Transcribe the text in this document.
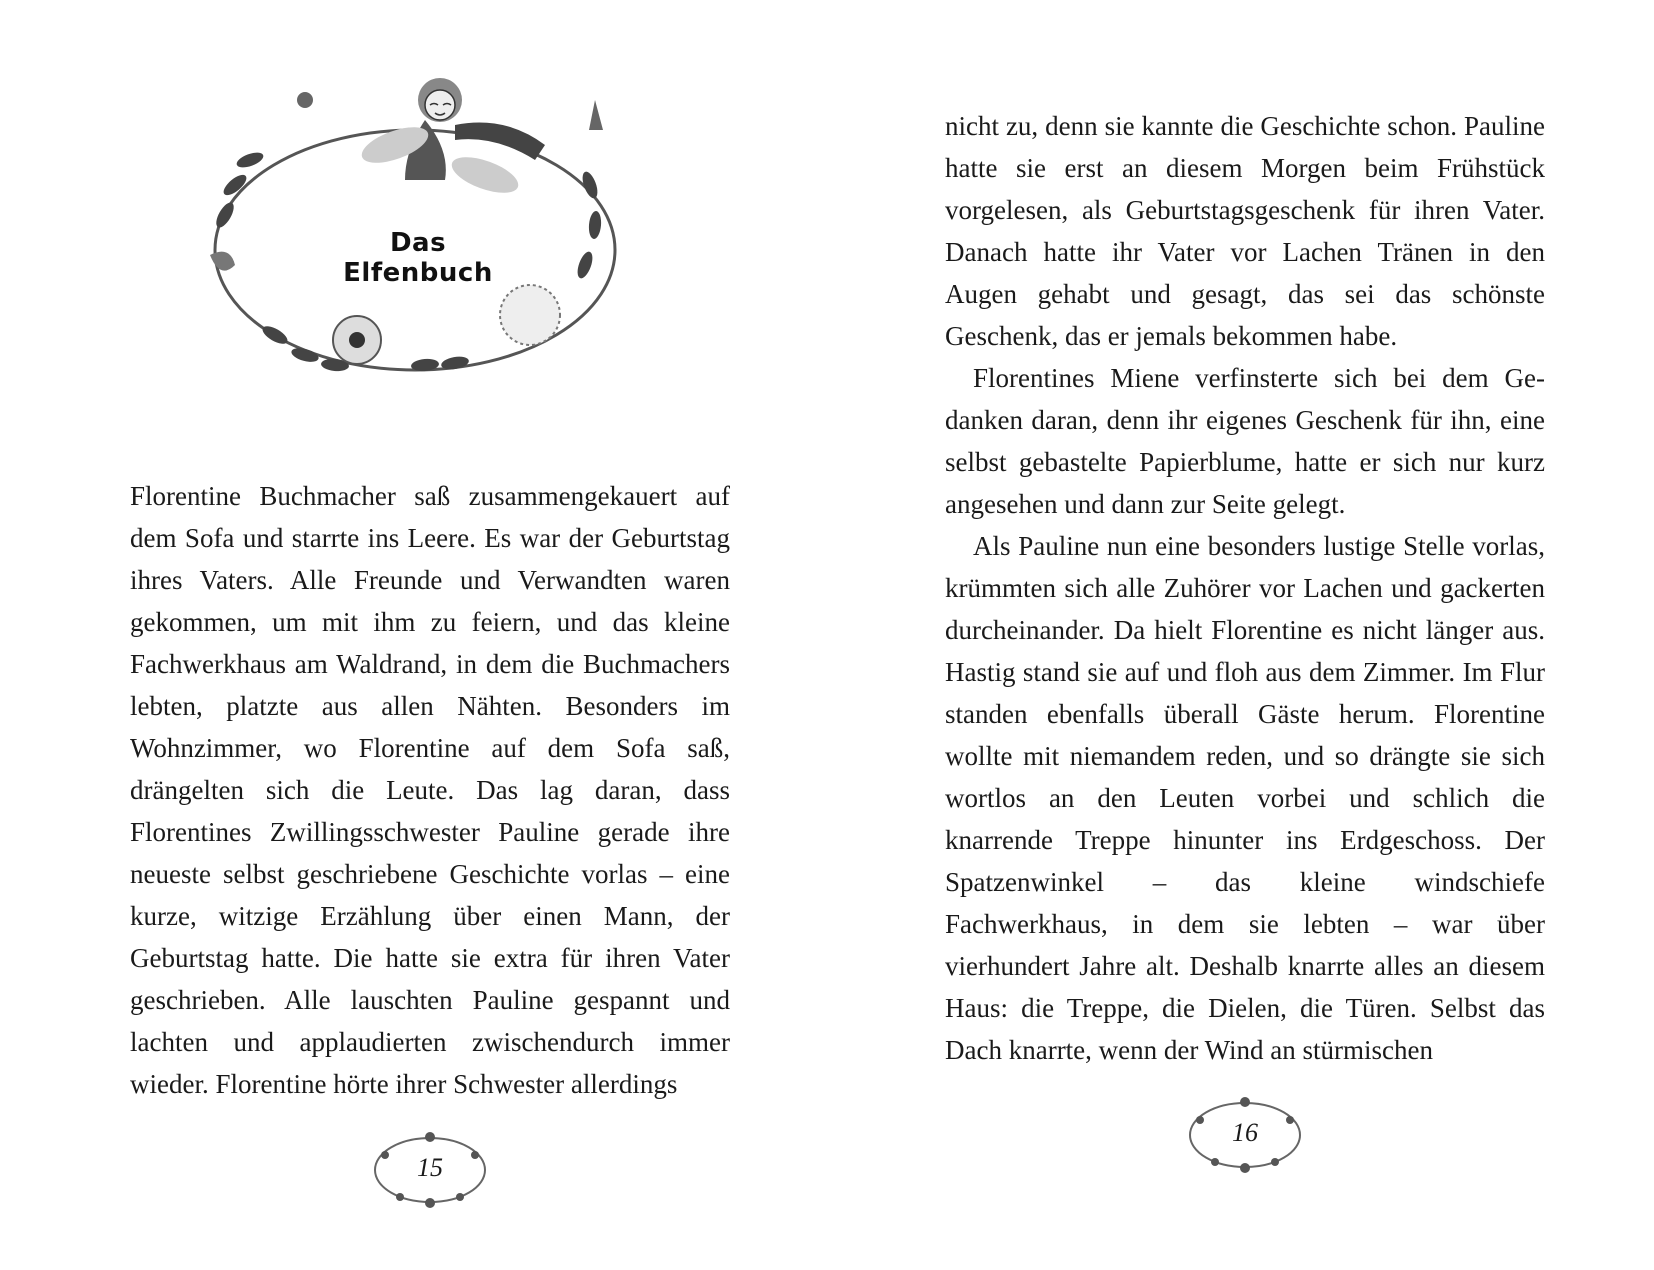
Das Elfenbuch

Florentine Buchmacher saß zusammengekauert auf dem Sofa und starrte ins Leere. Es war der Geburtstag ihres Vaters. Alle Freunde und Verwandten waren gekommen, um mit ihm zu feiern, und das kleine Fachwerkhaus am Waldrand, in dem die Buchmachers lebten, platzte aus allen Nähten. Besonders im Wohnzimmer, wo Florentine auf dem Sofa saß, drängelten sich die Leute. Das lag daran, dass Florentines Zwillingsschwester Pauline gerade ihre neueste selbst geschriebene Geschichte vorlas – eine kurze, witzige Erzählung über einen Mann, der Geburtstag hatte. Die hatte sie extra für ihren Vater geschrieben. Alle lauschten Pauline gespannt und lachten und applaudierten zwischendurch immer wieder. Florentine hörte ihrer Schwester allerdings

15

nicht zu, denn sie kannte die Geschichte schon. Pauline hatte sie erst an diesem Morgen beim Frühstück vorgelesen, als Geburtstagsgeschenk für ihren Vater. Danach hatte ihr Vater vor Lachen Tränen in den Augen gehabt und gesagt, das sei das schönste Geschenk, das er jemals bekommen habe.

Florentines Miene verfinsterte sich bei dem Gedanken daran, denn ihr eigenes Geschenk für ihn, eine selbst gebastelte Papierblume, hatte er sich nur kurz angesehen und dann zur Seite gelegt.

Als Pauline nun eine besonders lustige Stelle vorlas, krümmten sich alle Zuhörer vor Lachen und gackerten durcheinander. Da hielt Florentine es nicht länger aus. Hastig stand sie auf und floh aus dem Zimmer. Im Flur standen ebenfalls überall Gäste herum. Florentine wollte mit niemandem reden, und so drängte sie sich wortlos an den Leuten vorbei und schlich die knarrende Treppe hinunter ins Erdgeschoss. Der Spatzenwinkel – das kleine windschiefe Fachwerkhaus, in dem sie lebten – war über vierhundert Jahre alt. Deshalb knarrte alles an diesem Haus: die Treppe, die Dielen, die Türen. Selbst das Dach knarrte, wenn der Wind an stürmischen

16
